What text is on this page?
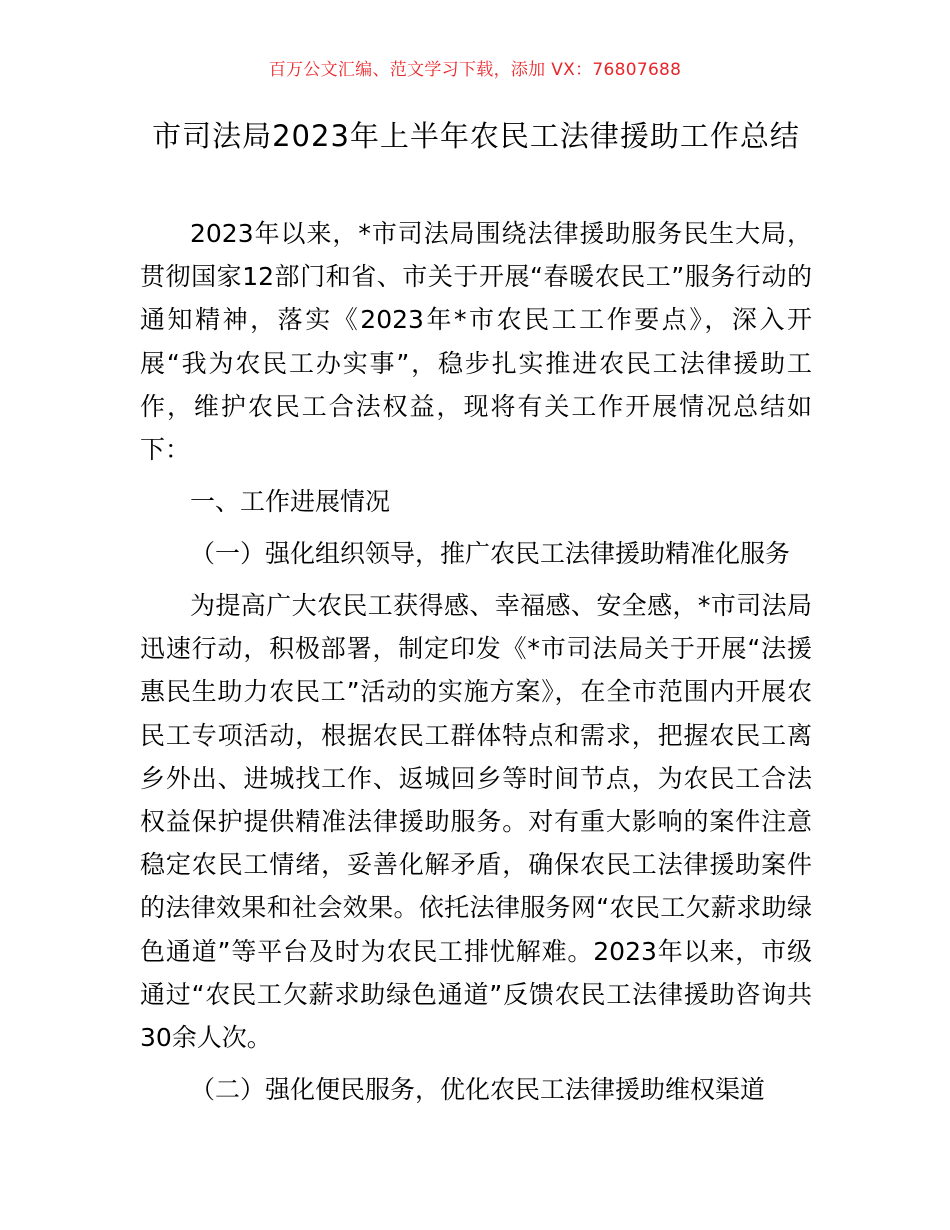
百万公文汇编、范文学习下载，添加 VX：76807688
市司法局2023年上半年农民工法律援助工作总结

2023年以来，*市司法局围绕法律援助服务民生大局，贯彻国家12部门和省、市关于开展“春暖农民工”服务行动的通知精神，落实《2023年*市农民工工作要点》，深入开展“我为农民工办实事”，稳步扎实推进农民工法律援助工作，维护农民工合法权益，现将有关工作开展情况总结如下：

一、工作进展情况

（一）强化组织领导，推广农民工法律援助精准化服务

为提高广大农民工获得感、幸福感、安全感，*市司法局迅速行动，积极部署，制定印发《*市司法局关于开展“法援惠民生助力农民工”活动的实施方案》，在全市范围内开展农民工专项活动，根据农民工群体特点和需求，把握农民工离乡外出、进城找工作、返城回乡等时间节点，为农民工合法权益保护提供精准法律援助服务。对有重大影响的案件注意稳定农民工情绪，妥善化解矛盾，确保农民工法律援助案件的法律效果和社会效果。依托法律服务网“农民工欠薪求助绿色通道”等平台及时为农民工排忧解难。2023年以来，市级通过“农民工欠薪求助绿色通道”反馈农民工法律援助咨询共30余人次。

（二）强化便民服务，优化农民工法律援助维权渠道
